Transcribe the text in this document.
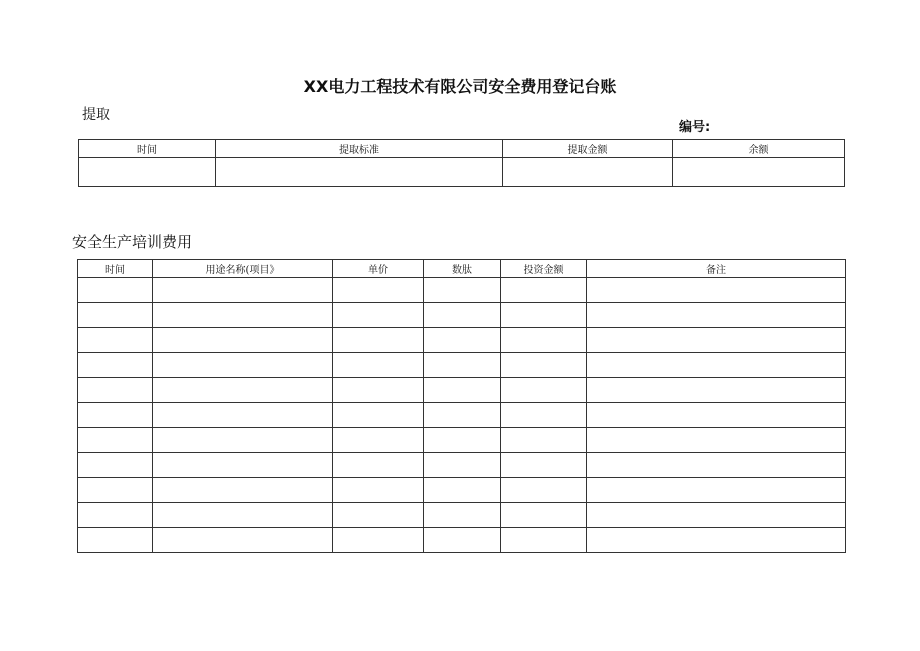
XX电力工程技术有限公司安全费用登记台账
提取
编号:
时间	提取标准	提取金额	余额

安全生产培训费用
时间	用途名称(项目》	单价	数肽	投资金额	备注
